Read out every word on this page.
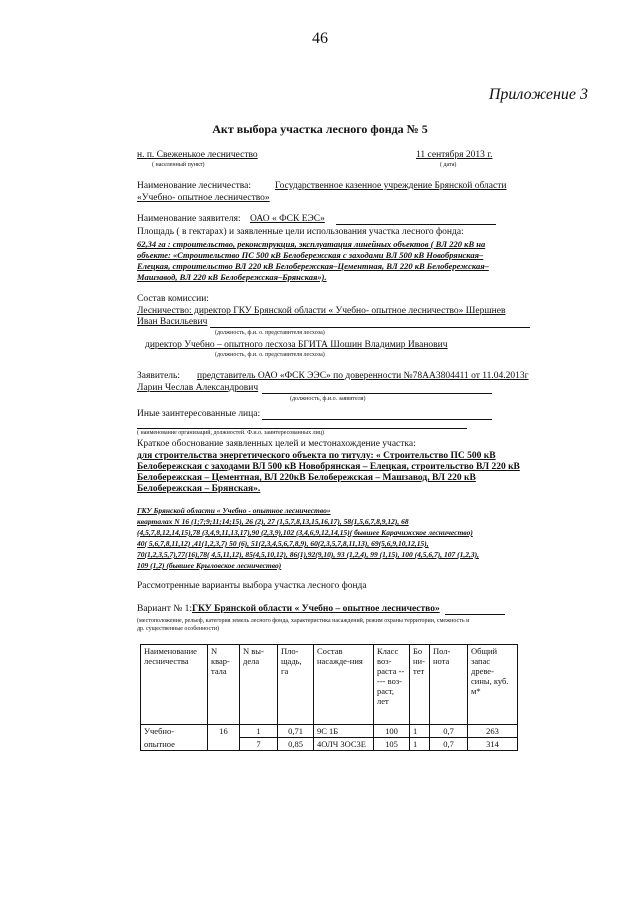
46
Приложение 3
Акт выбора участка лесного фонда № 5
н. п. Свеженькое лесничество
( населенный пункт)
11 сентября 2013 г.
( дата)
Наименование лесничества:	Государственное казенное учреждение Брянской области
«Учебно- опытное лесничество»
Наименование заявителя: ОАО « ФСК ЕЭС»
Площадь ( в гектарах) и заявленные цели использования участка лесного фонда:
62,34 га : строительство, реконструкция, эксплуатация линейных объектов ( ВЛ 220 кВ на
объекте: «Строительство ПС 500 кВ Белобережская с заходами ВЛ 500 кВ Новобрянская–
Елецкая, строительство ВЛ 220 кВ Белобережская–Цементная, ВЛ 220 кВ Белобережская–
Машзавод, ВЛ 220 кВ Белобережская–Брянская»).
Состав комиссии:
Лесничество: директор ГКУ Брянской области « Учебно- опытное лесничество» Шершнев
Иван Васильевич
(должность, ф.и. о. представителя лесхоза)
директор Учебно – опытного лесхоза БГИТА Шошин Владимир Иванович
(должность, ф.и. о. представителя лесхоза)
Заявитель: представитель ОАО «ФСК ЭЭС» по доверенности №78АА3804411 от 11.04.2013г
Ларин Чеслав Александрович
(должность, ф.и.о. заявителя)
Иные заинтересованные лица:
( наименование организаций, должностей. Ф.и.о. заинтересованных лиц)
Краткое обоснование заявленных целей и местонахождение участка:
для строительства энергетического объекта по титулу: « Строительство ПС 500 кВ
Белобережская с заходами ВЛ 500 кВ Новобрянская – Елецкая, строительство ВЛ 220 кВ
Белобережская – Цементная, ВЛ 220кВ Белобережская – Машзавод, ВЛ 220 кВ
Белобережская – Брянская».
ГКУ Брянской области « Учебно - опытное лесничество»
кварталах N 16 (1;7;9;11;14;15), 26 (2), 27 (1,5,7,8,13,15,16,17), 58(1,5,6,7,8,9,12), 68
(4,5,7,8,12,14,15),78 (3,4,9,11,13,17),90 (2,3,9),102 (3,4,6,9,12,14,15)( бывшее Карачижское лесничество)
40( 5,6,7,8,11,12) ,41(1,2,3,7) 50 (6), 51(2,3,4,5,6,7,8,9), 60(2,3,5,7,8,11,13), 69(5,6,9,10,12,15),
70(1,2,3,5,7),77(16),78( 4,5,11,12), 85(4,5,10,12), 86(1),92(9,10), 93 (1,2,4), 99 (1,15), 100 (4,5,6,7), 107 (1,2,3),
109 (1,2) (бывшее Крыловское лесничество)
Рассмотренные варианты выбора участка лесного фонда
Вариант № 1: ГКУ Брянской области « Учебно – опытное лесничество»
(местоположение, рельеф, категория земель лесного фонда, характеристика насаждений, режим охраны территории, смежность и
др. существенные особенности)
Наименование лесничества	N квар-тала	N вы-дела	Пло-щадь, га	Состав насажде-ния	Класс воз-раста ----- воз-раст, лет	Бо ни-тет	Пол-нота	Общий запас древе-сины, куб. м*
Учебно-	16	1	0,71	9С 1Б	100	1	0,7	263
опытное		7	0,85	4ОЛЧ 3ОС3Е	105	1	0,7	314
